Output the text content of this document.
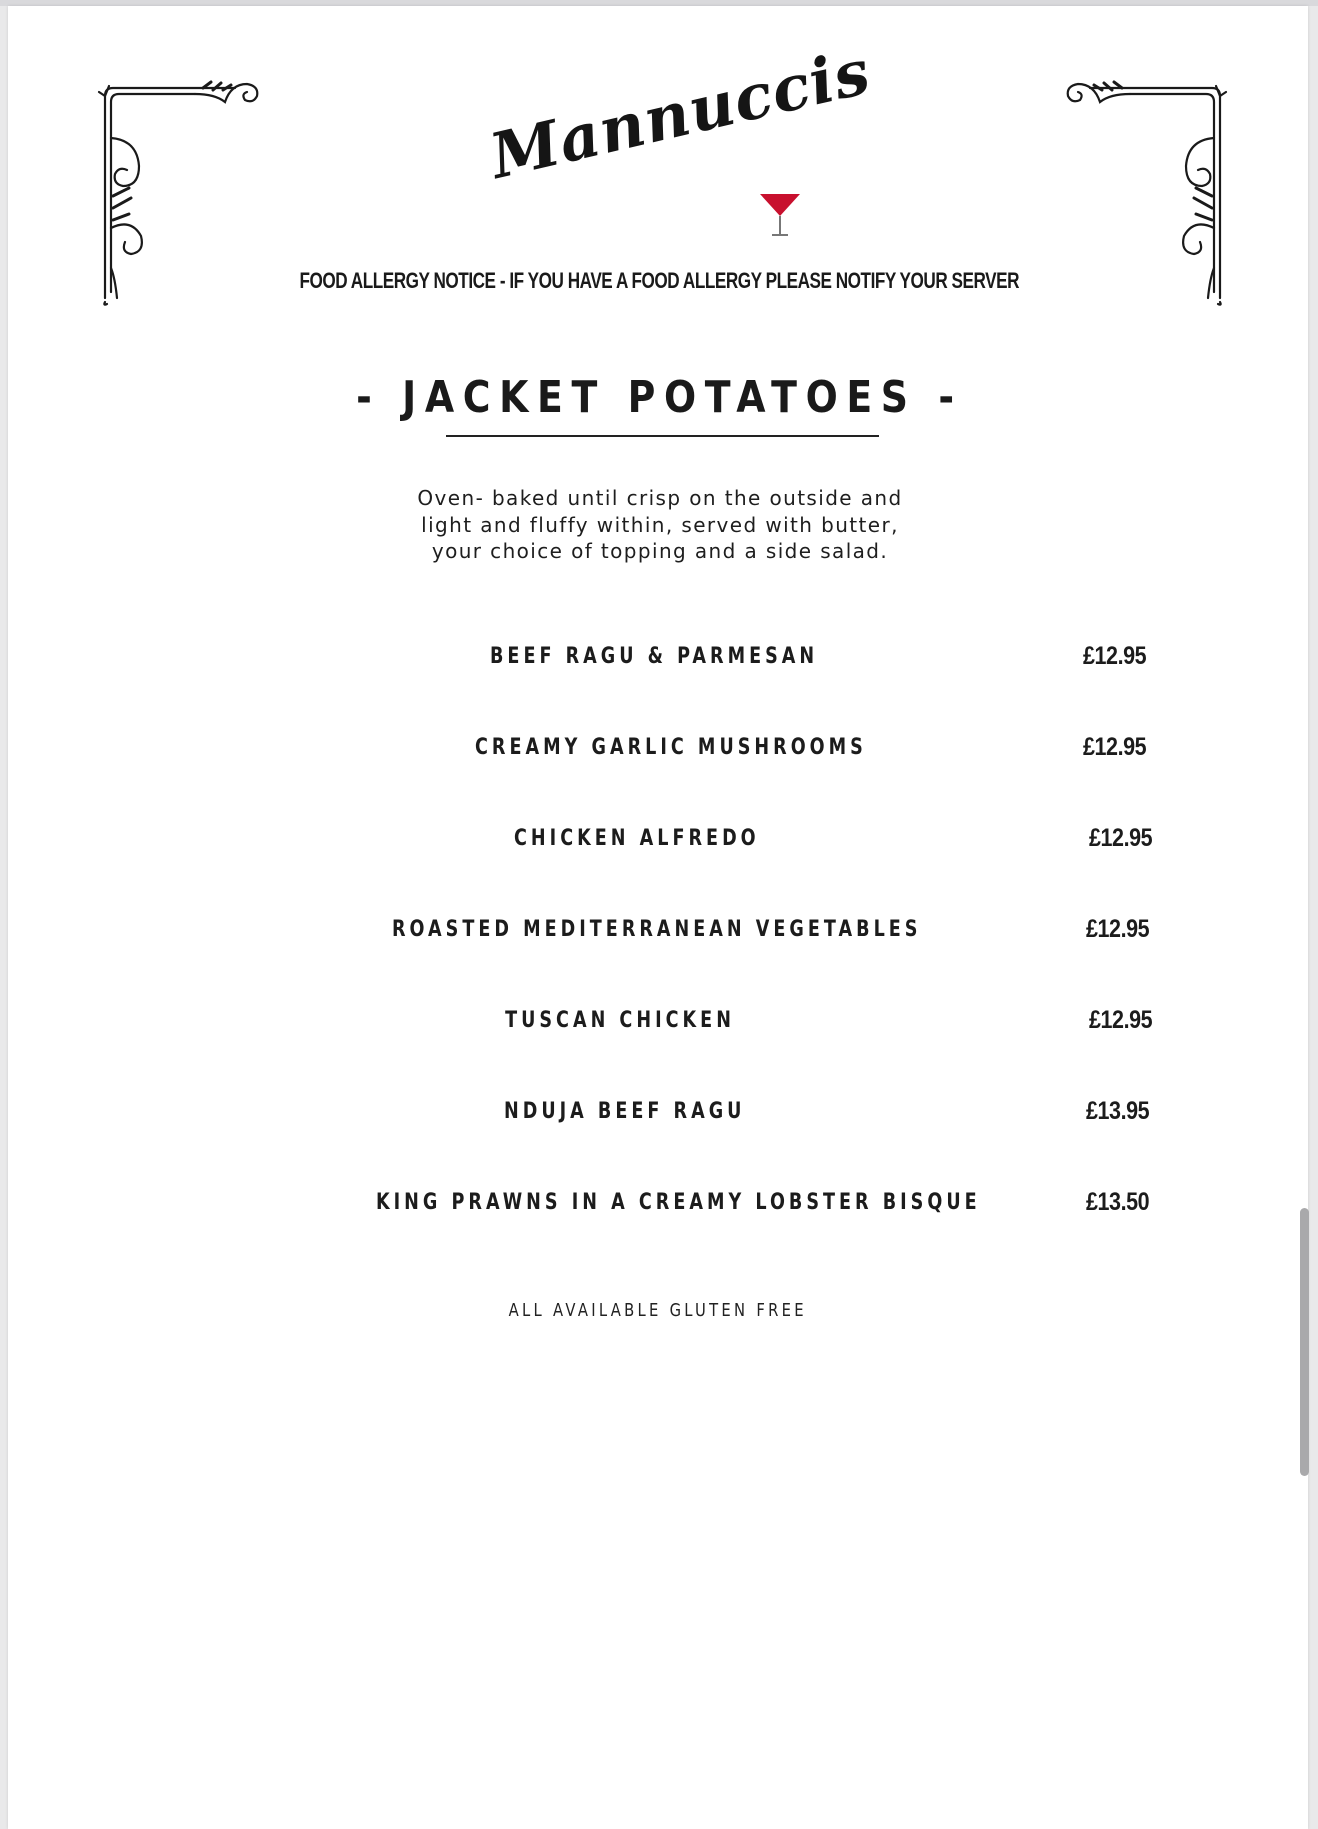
Mannuccis
FOOD ALLERGY NOTICE - IF YOU HAVE A FOOD ALLERGY PLEASE NOTIFY YOUR SERVER
- JACKET POTATOES -
Oven- baked until crisp on the outside and light and fluffy within, served with butter, your choice of topping and a side salad.
BEEF RAGU & PARMESAN	£12.95
CREAMY GARLIC MUSHROOMS	£12.95
CHICKEN ALFREDO	£12.95
ROASTED MEDITERRANEAN VEGETABLES	£12.95
TUSCAN CHICKEN	£12.95
NDUJA BEEF RAGU	£13.95
KING PRAWNS IN A CREAMY LOBSTER BISQUE	£13.50
ALL AVAILABLE GLUTEN FREE
